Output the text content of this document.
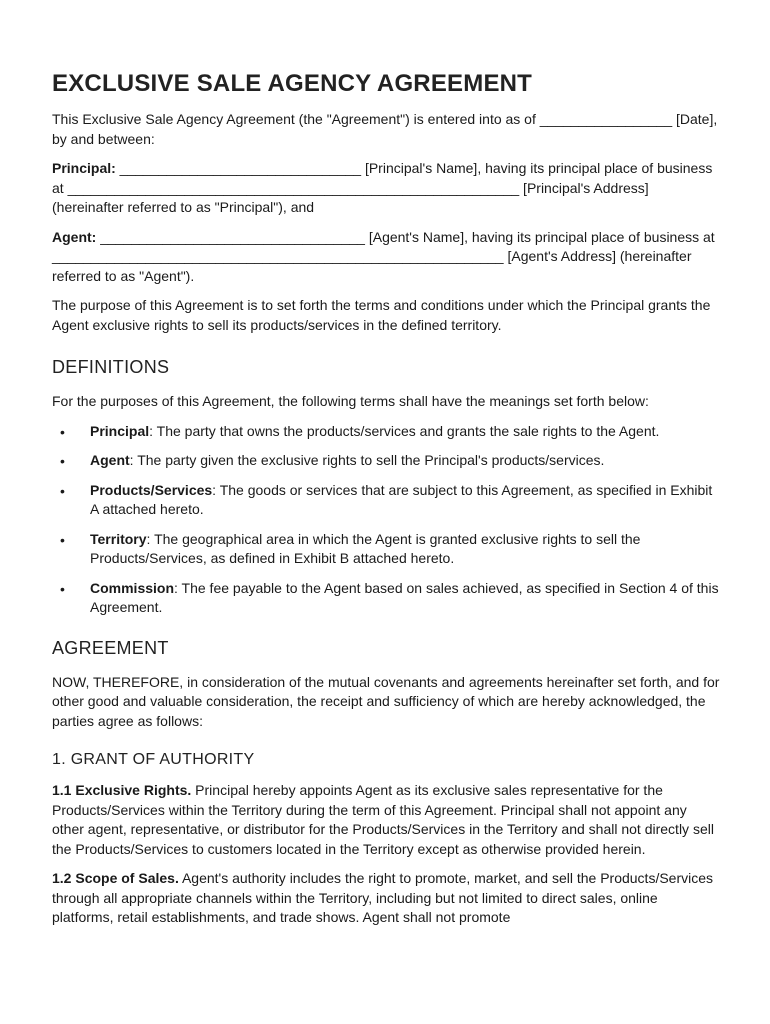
EXCLUSIVE SALE AGENCY AGREEMENT

This Exclusive Sale Agency Agreement (the "Agreement") is entered into as of _________________ [Date], by and between:

Principal: _______________________________ [Principal's Name], having its principal place of business at __________________________________________________________ [Principal's Address] (hereinafter referred to as "Principal"), and

Agent: __________________________________ [Agent's Name], having its principal place of business at __________________________________________________________ [Agent's Address] (hereinafter referred to as "Agent").

The purpose of this Agreement is to set forth the terms and conditions under which the Principal grants the Agent exclusive rights to sell its products/services in the defined territory.

DEFINITIONS

For the purposes of this Agreement, the following terms shall have the meanings set forth below:

• Principal: The party that owns the products/services and grants the sale rights to the Agent.
• Agent: The party given the exclusive rights to sell the Principal's products/services.
• Products/Services: The goods or services that are subject to this Agreement, as specified in Exhibit A attached hereto.
• Territory: The geographical area in which the Agent is granted exclusive rights to sell the Products/Services, as defined in Exhibit B attached hereto.
• Commission: The fee payable to the Agent based on sales achieved, as specified in Section 4 of this Agreement.
AGREEMENT

NOW, THEREFORE, in consideration of the mutual covenants and agreements hereinafter set forth, and for other good and valuable consideration, the receipt and sufficiency of which are hereby acknowledged, the parties agree as follows:

1. GRANT OF AUTHORITY

1.1 Exclusive Rights. Principal hereby appoints Agent as its exclusive sales representative for the Products/Services within the Territory during the term of this Agreement. Principal shall not appoint any other agent, representative, or distributor for the Products/Services in the Territory and shall not directly sell the Products/Services to customers located in the Territory except as otherwise provided herein.

1.2 Scope of Sales. Agent's authority includes the right to promote, market, and sell the Products/Services through all appropriate channels within the Territory, including but not limited to direct sales, online platforms, retail establishments, and trade shows. Agent shall not promote
